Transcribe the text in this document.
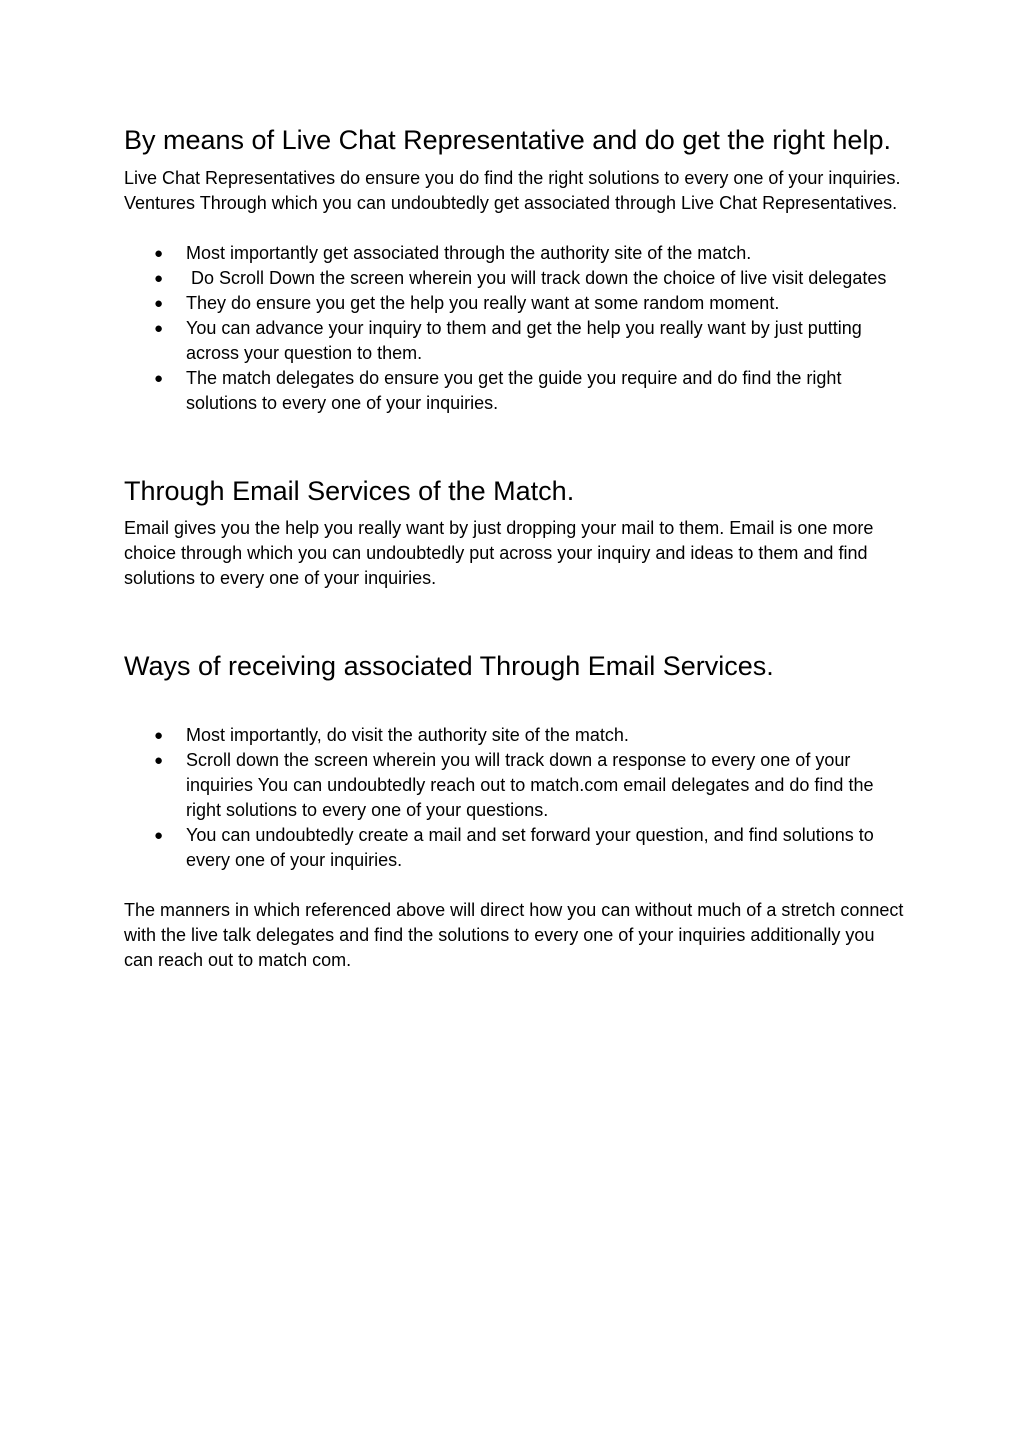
By means of Live Chat Representative and do get the right help.

Live Chat Representatives do ensure you do find the right solutions to every one of your inquiries. Ventures Through which you can undoubtedly get associated through Live Chat Representatives.

● Most importantly get associated through the authority site of the match.
● Do Scroll Down the screen wherein you will track down the choice of live visit delegates
● They do ensure you get the help you really want at some random moment.
● You can advance your inquiry to them and get the help you really want by just putting across your question to them.
● The match delegates do ensure you get the guide you require and do find the right solutions to every one of your inquiries.
Through Email Services of the Match.

Email gives you the help you really want by just dropping your mail to them. Email is one more choice through which you can undoubtedly put across your inquiry and ideas to them and find solutions to every one of your inquiries.

Ways of receiving associated Through Email Services.
● Most importantly, do visit the authority site of the match.
● Scroll down the screen wherein you will track down a response to every one of your inquiries You can undoubtedly reach out to match.com email delegates and do find the right solutions to every one of your questions.
● You can undoubtedly create a mail and set forward your question, and find solutions to every one of your inquiries.

The manners in which referenced above will direct how you can without much of a stretch connect with the live talk delegates and find the solutions to every one of your inquiries additionally you can reach out to match com.
